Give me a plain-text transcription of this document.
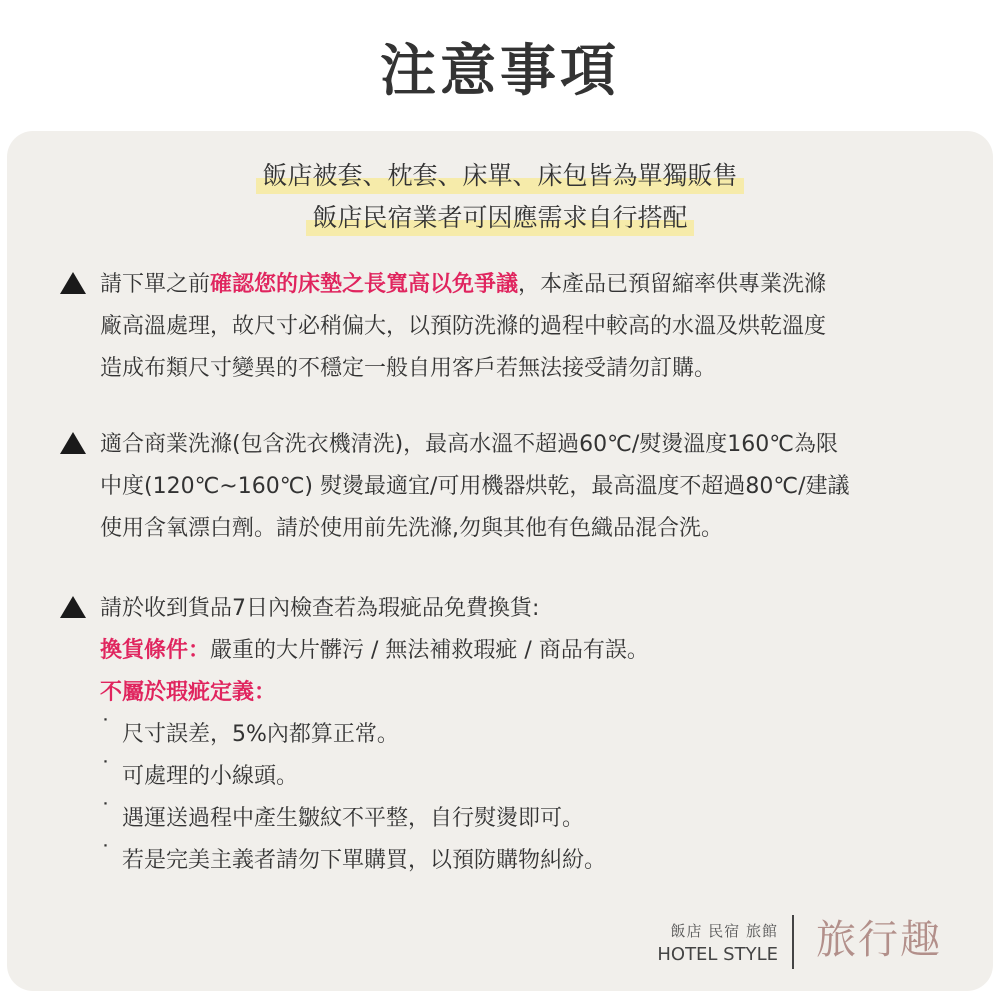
注意事項
飯店被套、枕套、床單、床包皆為單獨販售
飯店民宿業者可因應需求自行搭配
請下單之前確認您的床墊之長寬高以免爭議，本產品已預留縮率供專業洗滌
廠高溫處理，故尺寸必稍偏大，以預防洗滌的過程中較高的水溫及烘乾溫度
造成布類尺寸變異的不穩定一般自用客戶若無法接受請勿訂購。
適合商業洗滌(包含洗衣機清洗)，最高水溫不超過60℃/熨燙溫度160℃為限
中度(120℃~160℃) 熨燙最適宜/可用機器烘乾，最高溫度不超過80℃/建議
使用含氧漂白劑。請於使用前先洗滌,勿與其他有色織品混合洗。
請於收到貨品7日內檢查若為瑕疵品免費換貨:
換貨條件：嚴重的大片髒污 / 無法補救瑕疵 / 商品有誤。
不屬於瑕疵定義：
˙ 尺寸誤差，5%內都算正常。
˙ 可處理的小線頭。
˙ 遇運送過程中產生皺紋不平整，自行熨燙即可。
˙ 若是完美主義者請勿下單購買，以預防購物糾紛。
飯店 民宿 旅館
HOTEL STYLE 旅行趣
